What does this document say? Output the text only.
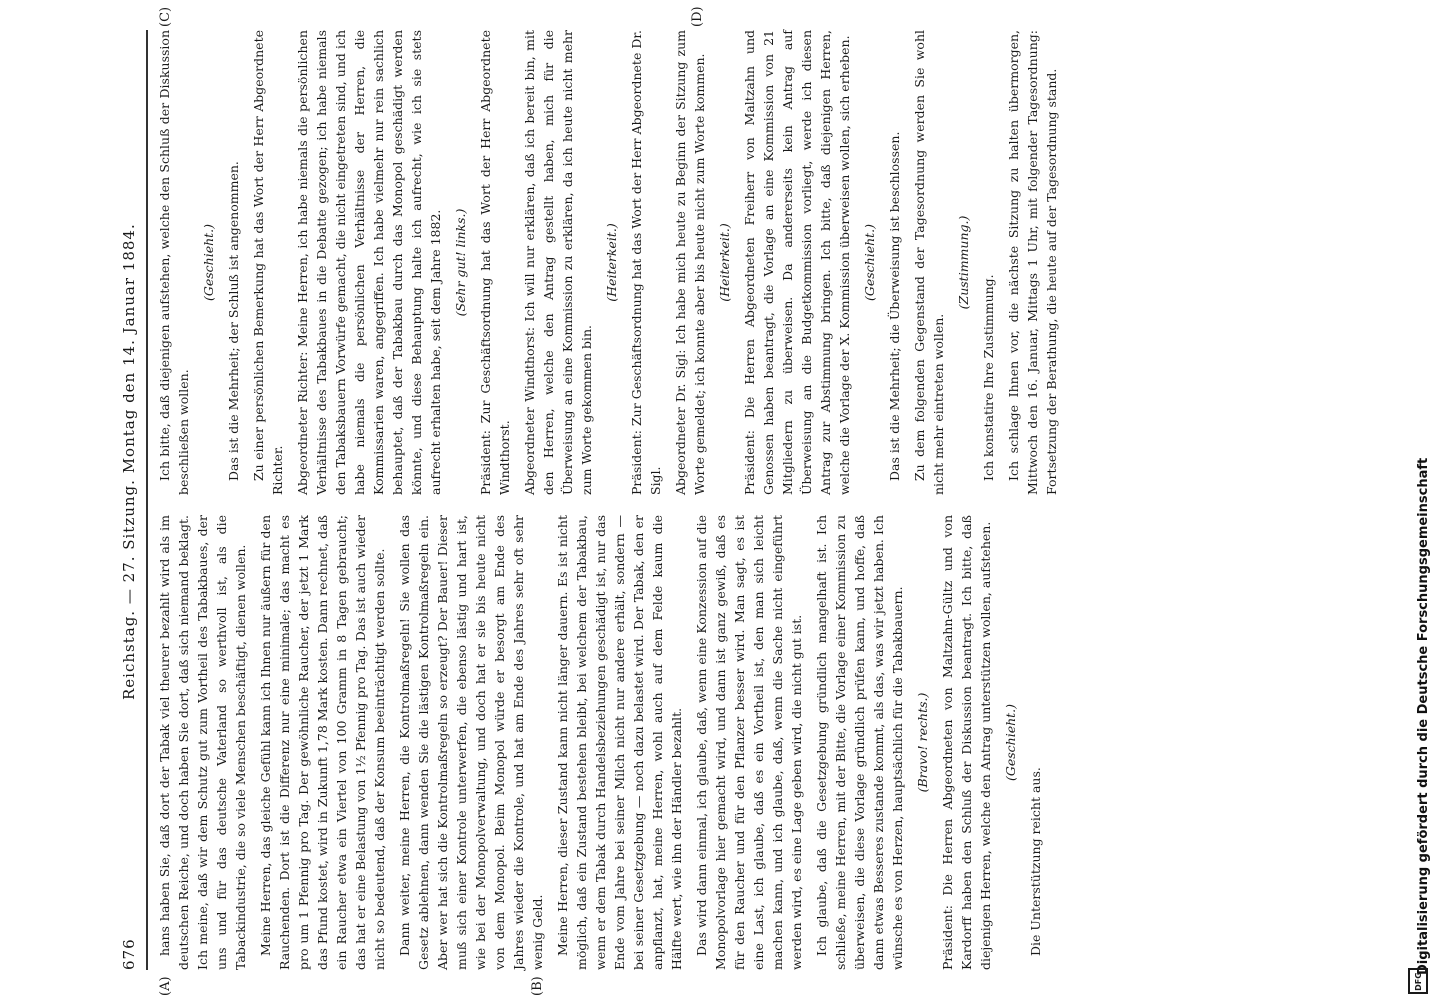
676
Reichstag. — 27. Sitzung. Montag den 14. Januar 1884.
(A)	(B)
(C)	(D)

hans haben Sie, daß dort der Tabak viel theurer bezahlt wird als im deutschen Reiche, und doch haben Sie dort, daß sich niemand beklagt. Ich meine, daß wir dem Schutz gut zum Vortheil des Tabakbaues, der uns und für das deutsche Vaterland so werthvoll ist, als die Tabackindustrie, die so viele Menschen beschäftigt, dienen wollen. Meine Herren, das gleiche Gefühl kann ich Ihnen nur äußern für den Rauchenden. Dort ist die Differenz nur eine minimale; das macht es pro um 1 Pfennig pro Tag. Der gewöhnliche Raucher, der jetzt 1 Mark das Pfund kostet, wird in Zukunft 1,78 Mark kosten. Dann rechnet, daß ein Raucher etwa ein Viertel von 100 Gramm in 8 Tagen gebraucht; das hat er eine Belastung von 1½ Pfennig pro Tag. Das ist auch wieder nicht so bedeutend, daß der Konsum beeinträchtigt werden sollte. Dann weiter, meine Herren, die Kontrolmaßregeln! Sie wollen das Gesetz ablehnen, dann wenden Sie die lästigen Kontrolmaßregeln ein. Aber wer hat sich die Kontrolmaßregeln so erzeugt? Der Bauer! Dieser muß sich einer Kontrole unterwerfen, die ebenso lästig und hart ist, wie bei der Monopolverwaltung, und doch hat er sie bis heute nicht von dem Monopol. Beim Monopol würde er besorgt am Ende des Jahres wieder die Kontrole, und hat am Ende des Jahres sehr oft sehr wenig Geld. Meine Herren, dieser Zustand kann nicht länger dauern. Es ist nicht möglich, daß ein Zustand bestehen bleibt, bei welchem der Tabakbau, wenn er dem Tabak durch Handelsbeziehungen geschädigt ist, nur das Ende vom Jahre bei seiner Milch nicht nur andere erhält, sondern — bei seiner Gesetzgebung — noch dazu belastet wird. Der Tabak, den er anpflanzt, hat, meine Herren, wohl auch auf dem Felde kaum die Hälfte wert, wie ihn der Händler bezahlt. Das wird dann einmal, ich glaube, daß, wenn eine Konzession auf die Monopolvorlage hier gemacht wird, und dann ist ganz gewiß, daß es für den Raucher und für den Pflanzer besser wird. Man sagt, es ist eine Last, ich glaube, daß es ein Vortheil ist, den man sich leicht machen kann, und ich glaube, daß, wenn die Sache nicht eingeführt werden wird, es eine Lage geben wird, die nicht gut ist. Ich glaube, daß die Gesetzgebung gründlich mangelhaft ist. Ich schließe, meine Herren, mit der Bitte, die Vorlage einer Kommission zu überweisen, die diese Vorlage gründlich prüfen kann, und hoffe, daß dann etwas Besseres zustande kommt, als das, was wir jetzt haben. Ich wünsche es von Herzen, hauptsächlich für die Tabakbauern. (Bravo! rechts.) Präsident: Die Herren Abgeordneten von Maltzahn-Gültz und von Kardorff haben den Schluß der Diskussion beantragt. Ich bitte, daß diejenigen Herren, welche den Antrag unterstützen wollen, aufstehen. (Geschieht.)

Die Unterstützung reicht aus.

Ich bitte, daß diejenigen aufstehen, welche den Schluß der Diskussion beschließen wollen.

(Geschieht.) Das ist die Mehrheit; der Schluß ist angenommen. Zu einer persönlichen Bemerkung hat das Wort der Herr Abgeordnete Richter. Abgeordneter Richter: Meine Herren, ich habe niemals die persönlichen Verhältnisse des Tabakbaues in die Debatte gezogen; ich habe niemals den Tabaksbauern Vorwürfe gemacht, die nicht eingetreten sind, und ich habe niemals die persönlichen Verhältnisse der Herren, die Kommissarien waren, angegriffen. Ich habe vielmehr nur rein sachlich behauptet, daß der Tabakbau durch das Monopol geschädigt werden könnte, und diese Behauptung halte ich aufrecht, wie ich sie stets aufrecht erhalten habe, seit dem Jahre 1882. (Sehr gut! links.) Präsident: Zur Geschäftsordnung hat das Wort der Herr Abgeordnete Windthorst. Abgeordneter Windthorst: Ich will nur erklären, daß ich bereit bin, mit den Herren, welche den Antrag gestellt haben, mich für die Überweisung an eine Kommission zu erklären, da ich heute nicht mehr zum Worte gekommen bin.

(Heiterkeit.) Präsident: Zur Geschäftsordnung hat das Wort der Herr Abgeordnete Dr. Sigl. Abgeordneter Dr. Sigl: Ich habe mich heute zu Beginn der Sitzung zum Worte gemeldet; ich konnte aber bis heute nicht zum Worte kommen. (Heiterkeit.) Präsident: Die Herren Abgeordneten Freiherr von Maltzahn und Genossen haben beantragt, die Vorlage an eine Kommission von 21 Mitgliedern zu überweisen. Da andererseits kein Antrag auf Überweisung an die Budgetkommission vorliegt, werde ich diesen Antrag zur Abstimmung bringen. Ich bitte, daß diejenigen Herren, welche die Vorlage der X. Kommission überweisen wollen, sich erheben. (Geschieht.) Das ist die Mehrheit; die Überweisung ist beschlossen. Zu dem folgenden Gegenstand der Tagesordnung werden Sie wohl nicht mehr eintreten wollen.

(Zustimmung.)

Ich konstatire Ihre Zustimmung. Ich schlage Ihnen vor, die nächste Sitzung zu halten übermorgen, Mittwoch den 16. Januar, Mittags 1 Uhr, mit folgender Tagesordnung: Fortsetzung der Berathung, die heute auf der Tagesordnung stand.

Digitalisierung gefördert durch die Deutsche Forschungsgemeinschaft
DFG
